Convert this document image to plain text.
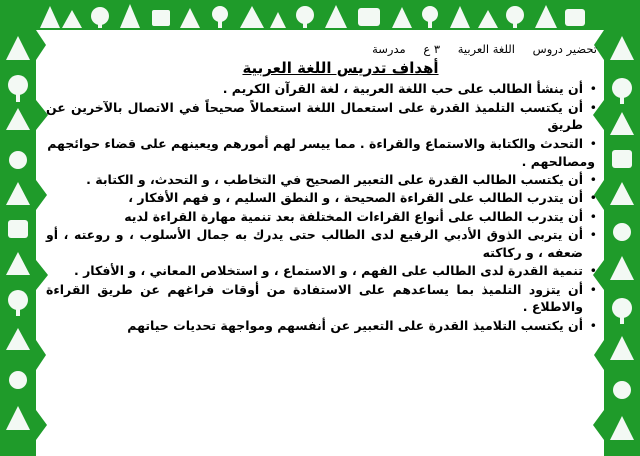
تحضير دروس اللغة العربية ٣ ع مدرسة
أهداف تدريس اللغة العربية
•
أن ينشأ الطالب على حب اللغة العربية ، لغة القرآن الكريم .
•
أن يكتسب التلميذ القدرة على استعمال اللغة استعمالاً صحيحاً في الاتصال بالآخرين عن طريق
•
التحدث والكتابة والاستماع والقراءة . مما ييسر لهم أمورهم ويعينهم على قضاء حوائجهم
ومصالحهم .
•
أن يكتسب الطالب القدرة على التعبير الصحيح في التخاطب ، و التحدث، و الكتابة .
•
أن يتدرب الطالب على القراءة الصحيحة ، و النطق السليم ، و فهم الأفكار ،
•
أن يتدرب الطالب على أنواع القراءات المختلفة بعد تنمية مهارة القراءة لديه
•
أن يتربى الذوق الأدبي الرفيع لدى الطالب حتى يدرك به جمال الأسلوب ، و روعته ، أو ضعفه ، و ركاكته
•
تنمية القدرة لدى الطالب على الفهم ، و الاستماع ، و استخلاص المعاني ، و الأفكار .
•
أن يتزود التلميذ بما يساعدهم على الاستفادة من أوقات فراغهم عن طريق القراءة والاطلاع .
•
أن يكتسب التلاميذ القدرة على التعبير عن أنفسهم ومواجهة تحديات حياتهم
